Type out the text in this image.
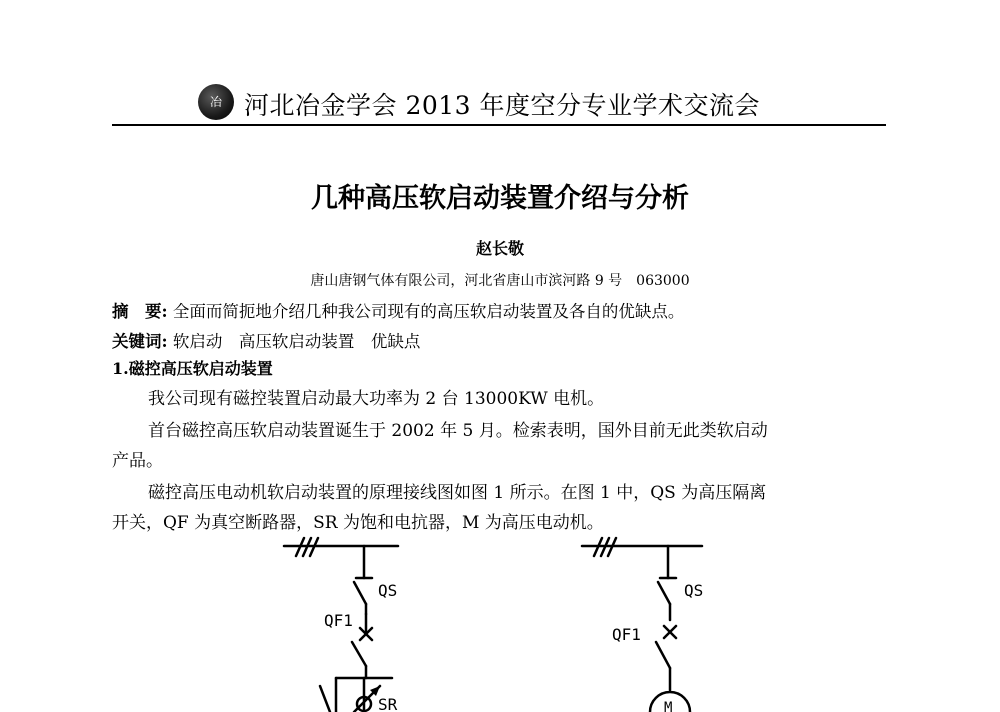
冶 河北冶金学会 2013 年度空分专业学术交流会
几种高压软启动装置介绍与分析
赵长敬
唐山唐钢气体有限公司，河北省唐山市滨河路 9 号　063000
摘　要: 全面而简扼地介绍几种我公司现有的高压软启动装置及各自的优缺点。
关键词: 软启动　高压软启动装置　优缺点
1.磁控高压软启动装置
我公司现有磁控装置启动最大功率为 2 台 13000KW 电机。
首台磁控高压软启动装置诞生于 2002 年 5 月。检索表明，国外目前无此类软启动
产品。
磁控高压电动机软启动装置的原理接线图如图 1 所示。在图 1 中，QS 为高压隔离
开关，QF 为真空断路器，SR 为饱和电抗器，M 为高压电动机。
QS
QF1
SR
QS
QF1
M
